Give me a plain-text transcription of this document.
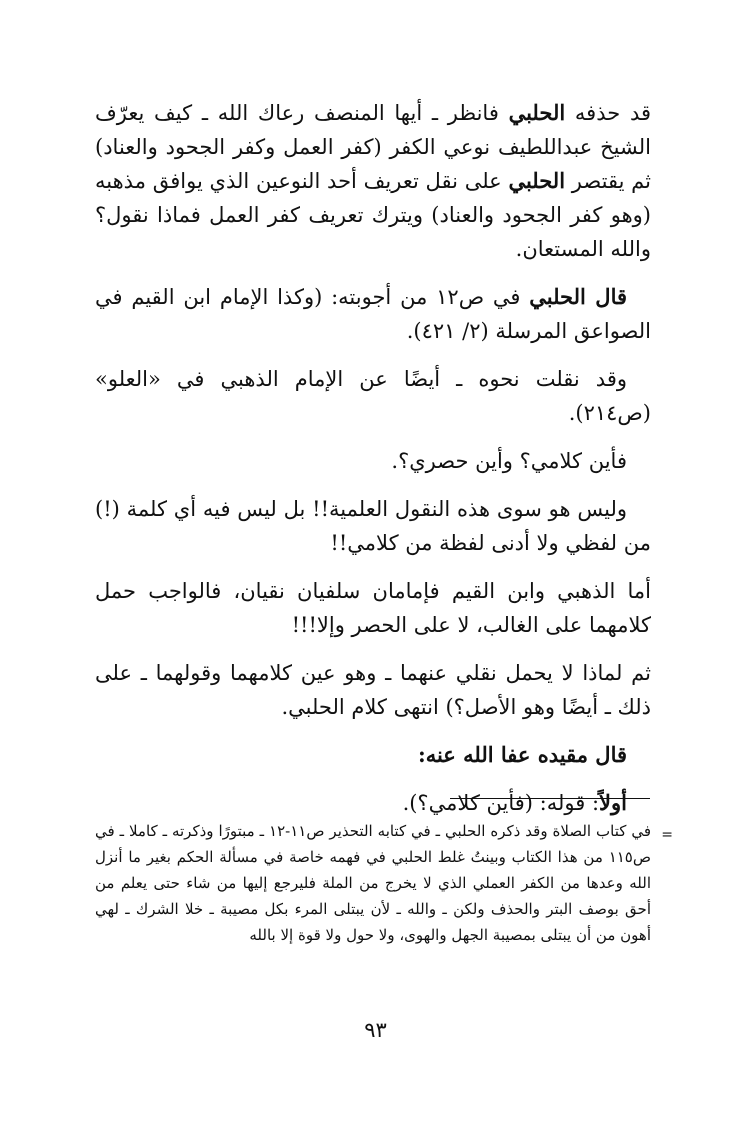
قد حذفه الحلبي فانظر ـ أيها المنصف رعاك الله ـ كيف يعرّف الشيخ عبداللطيف نوعي الكفر (كفر العمل وكفر الجحود والعناد) ثم يقتصر الحلبي على نقل تعريف أحد النوعين الذي يوافق مذهبه (وهو كفر الجحود والعناد) ويترك تعريف كفر العمل فماذا نقول؟ والله المستعان.

قال الحلبي في ص١٢ من أجوبته: (وكذا الإمام ابن القيم في الصواعق المرسلة (٢/ ٤٢١).

وقد نقلت نحوه ـ أيضًا عن الإمام الذهبي في «العلو» (ص٢١٤).

فأين كلامي؟ وأين حصري؟.

وليس هو سوى هذه النقول العلمية!! بل ليس فيه أي كلمة (!) من لفظي ولا أدنى لفظة من كلامي!!

أما الذهبي وابن القيم فإمامان سلفيان نقيان، فالواجب حمل كلامهما على الغالب، لا على الحصر وإلا!!!

ثم لماذا لا يحمل نقلي عنهما ـ وهو عين كلامهما وقولهما ـ على ذلك ـ أيضًا وهو الأصل؟) انتهى كلام الحلبي.

قال مقيده عفا الله عنه:

أولاً: قوله: (فأين كلامي؟).

=
في كتاب الصلاة وقد ذكره الحلبي ـ في كتابه التحذير ص١١-١٢ ـ مبتورًا وذكرته ـ كاملا ـ في ص١١٥ من هذا الكتاب وبينتُ غلط الحلبي في فهمه خاصة في مسألة الحكم بغير ما أنزل الله وعدها من الكفر العملي الذي لا يخرج من الملة فليرجع إليها من شاء حتى يعلم من أحق بوصف البتر والحذف ولكن ـ والله ـ لأن يبتلى المرء بكل مصيبة ـ خلا الشرك ـ لهي أهون من أن يبتلى بمصيبة الجهل والهوى، ولا حول ولا قوة إلا بالله

٩٣
